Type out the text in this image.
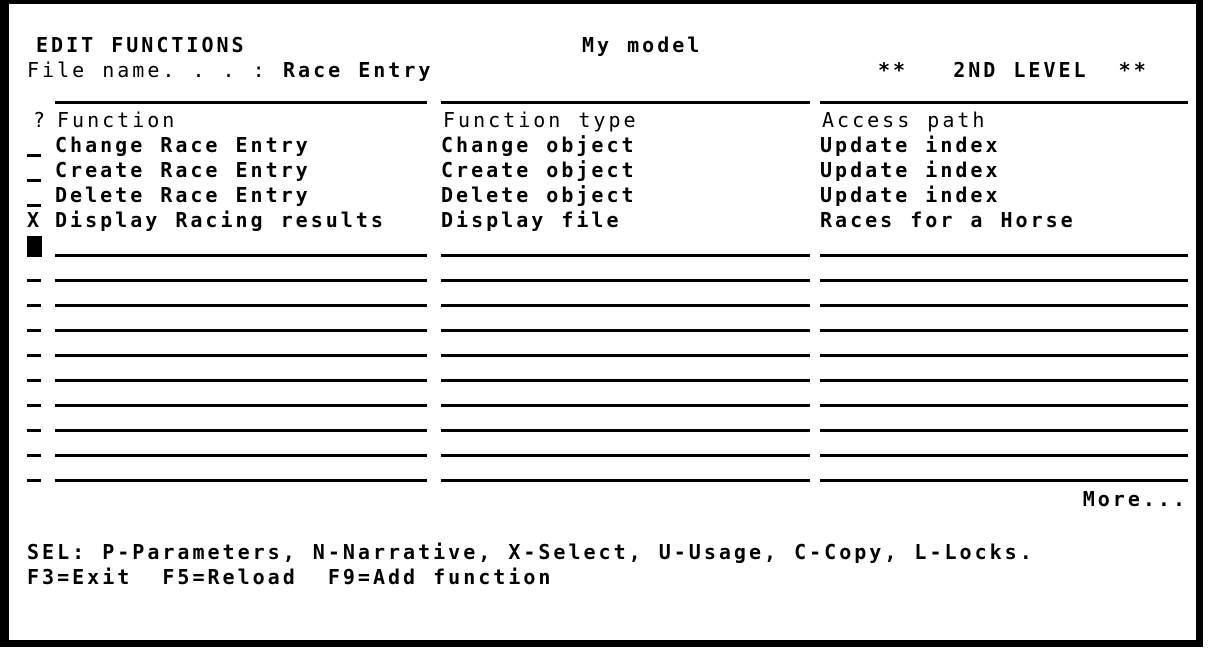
EDIT FUNCTIONS	My model
File name. . . : Race Entry	**   2ND LEVEL  **
? Function	Function type	Access path
Change Race Entry	Change object	Update index
Create Race Entry	Create object	Update index
Delete Race Entry	Delete object	Update index
X Display Racing results	Display file	Races for a Horse
More...
SEL: P-Parameters, N-Narrative, X-Select, U-Usage, C-Copy, L-Locks.
F3=Exit  F5=Reload  F9=Add function
